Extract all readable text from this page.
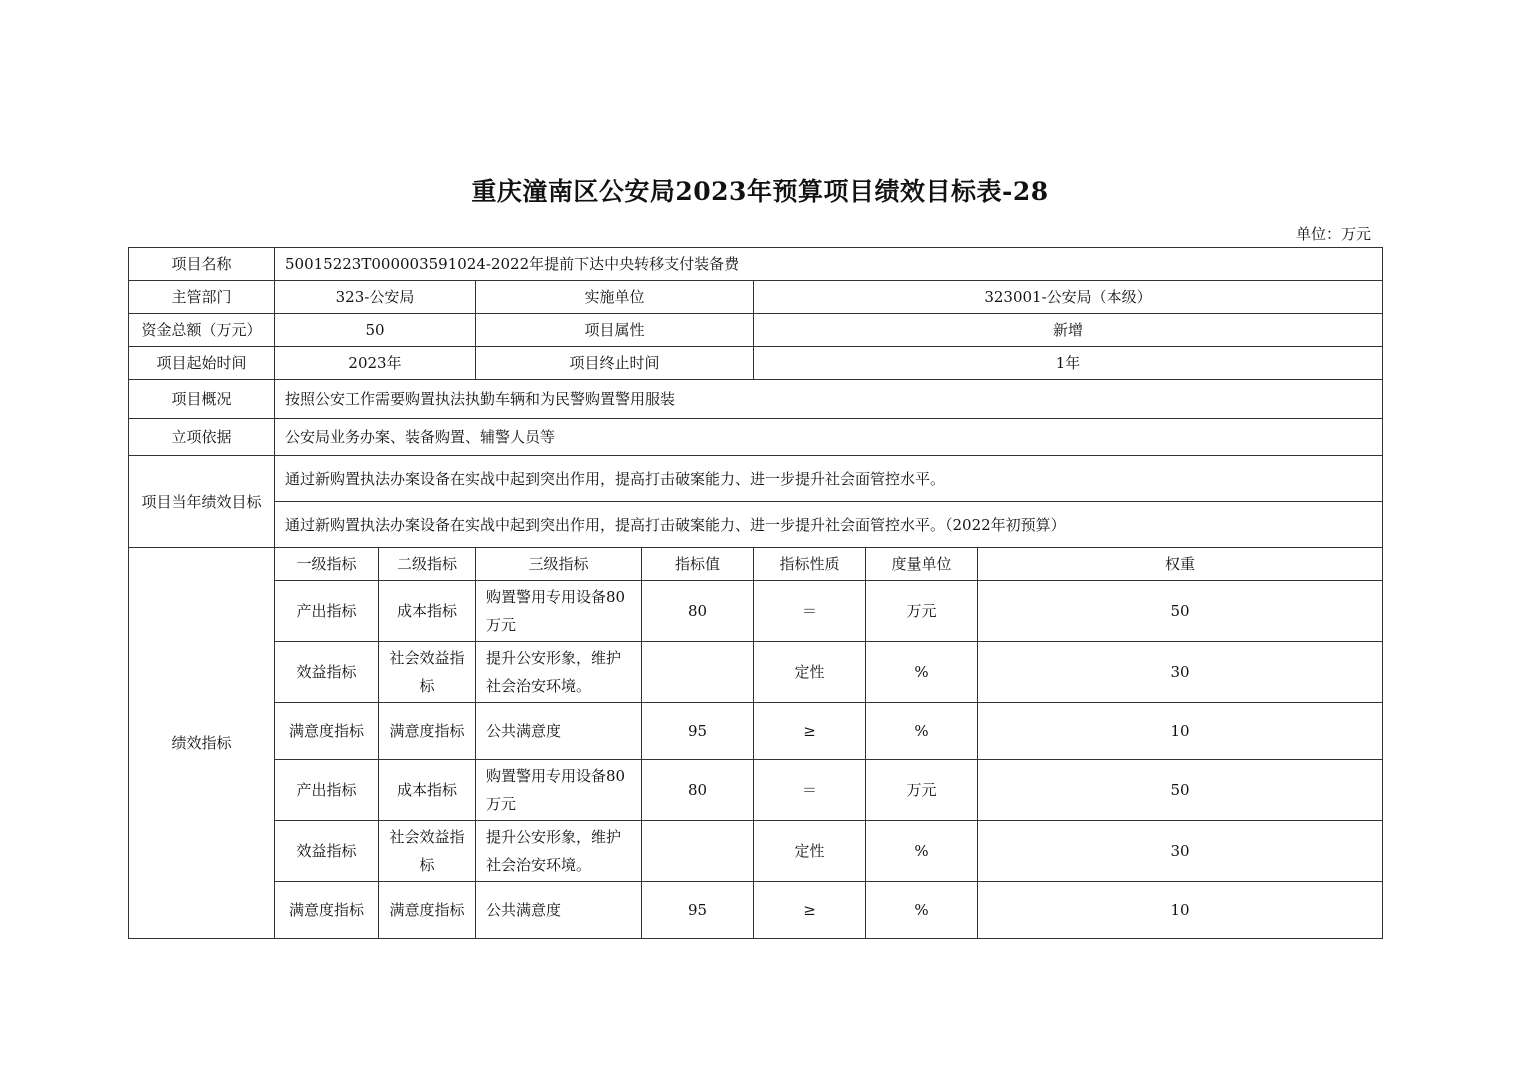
重庆潼南区公安局2023年预算项目绩效目标表-28
单位：万元
项目名称	50015223T000003591024-2022年提前下达中央转移支付装备费						
主管部门	323-公安局		实施单位		323001-公安局（本级）		
资金总额（万元）	50		项目属性		新增		
项目起始时间	2023年		项目终止时间		1年		
项目概况	按照公安工作需要购置执法执勤车辆和为民警购置警用服装						
立项依据	公安局业务办案、装备购置、辅警人员等						
项目当年绩效目标	通过新购置执法办案设备在实战中起到突出作用，提高打击破案能力、进一步提升社会面管控水平。						
	通过新购置执法办案设备在实战中起到突出作用，提高打击破案能力、进一步提升社会面管控水平。（2022年初预算）						
绩效指标	一级指标	二级指标	三级指标	指标值	指标性质	度量单位	权重
	产出指标	成本指标	购置警用专用设备80万元	80	＝	万元	50
	效益指标	社会效益指标	提升公安形象，维护社会治安环境。		定性	%	30
	满意度指标	满意度指标	公共满意度	95	≥	%	10
	产出指标	成本指标	购置警用专用设备80万元	80	＝	万元	50
	效益指标	社会效益指标	提升公安形象，维护社会治安环境。		定性	%	30
	满意度指标	满意度指标	公共满意度	95	≥	%	10
